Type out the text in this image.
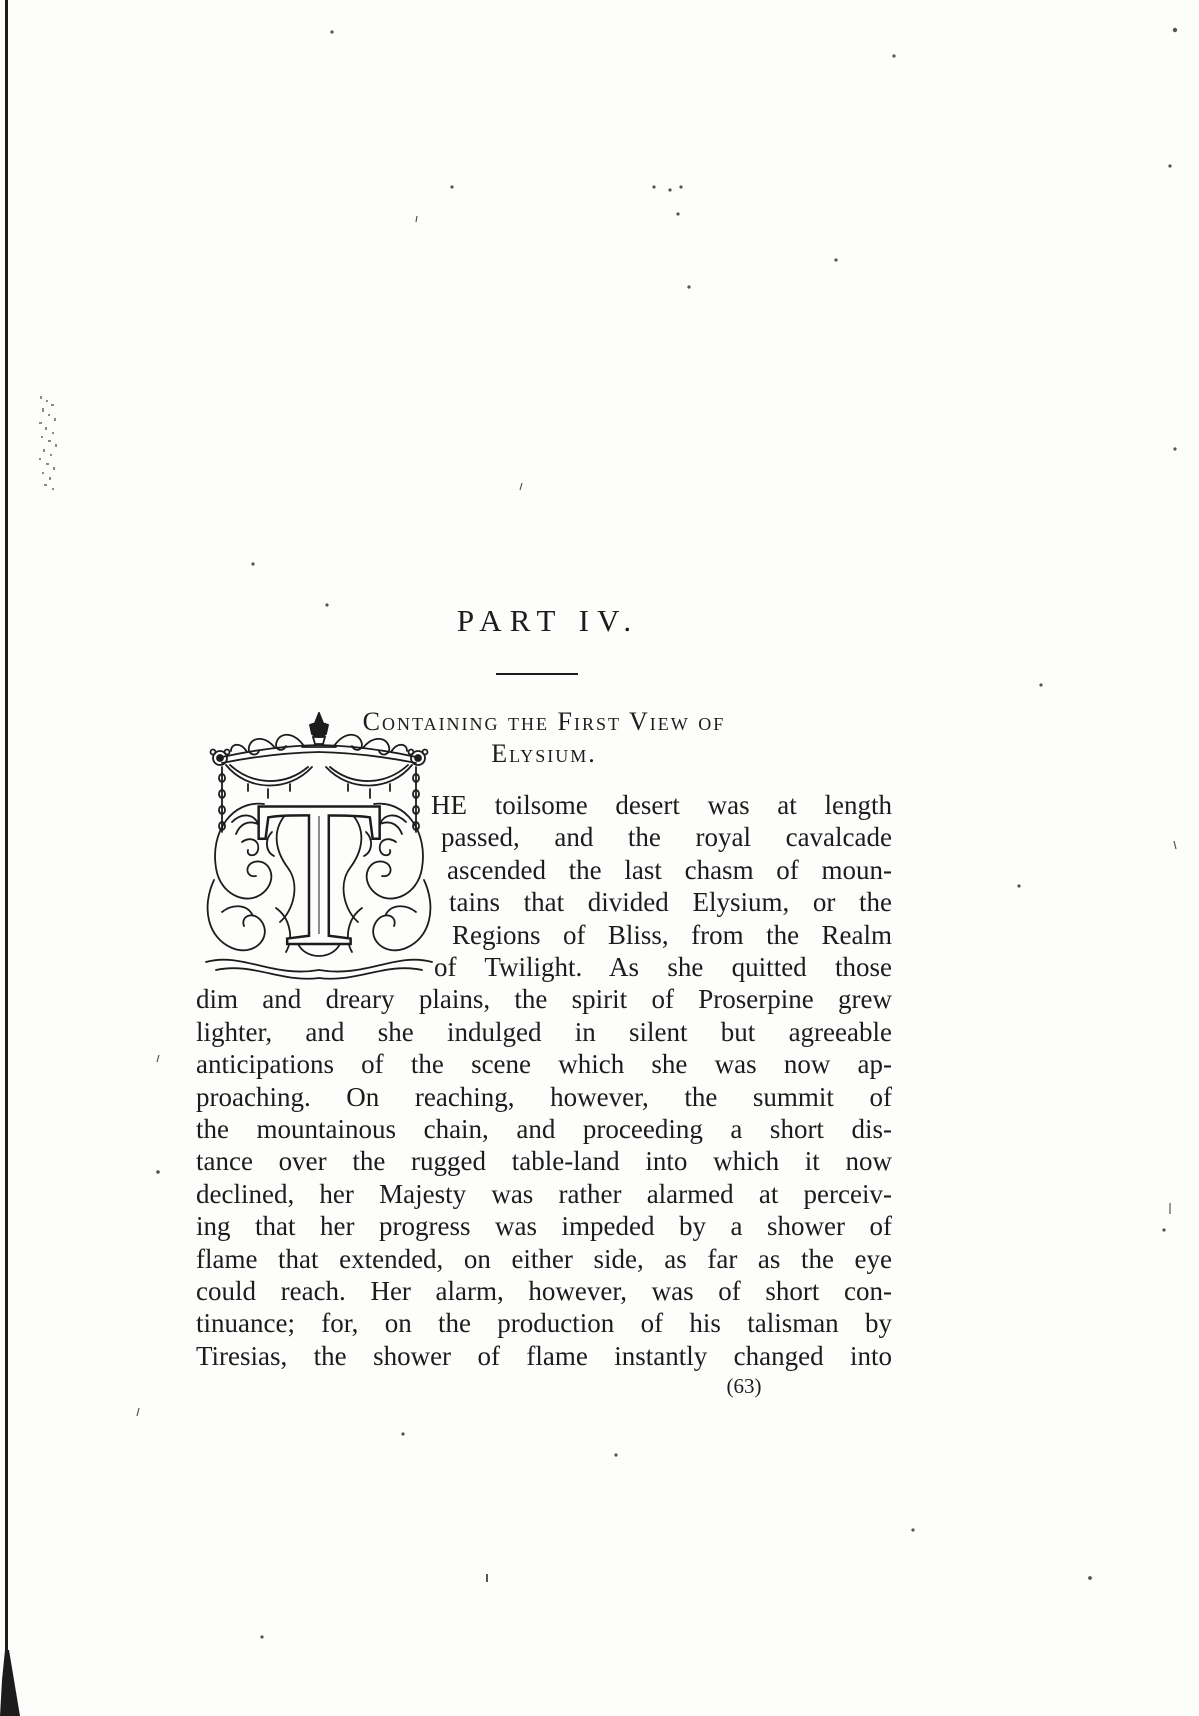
PART IV.
Containing the First View of
Elysium.
T HE toilsome desert was at length
passed, and the royal cavalcade
ascended the last chasm of moun-
tains that divided Elysium, or the
Regions of Bliss, from the Realm
of Twilight. As she quitted those
dim and dreary plains, the spirit of Proserpine grew
lighter, and she indulged in silent but agreeable
anticipations of the scene which she was now ap-
proaching. On reaching, however, the summit of
the mountainous chain, and proceeding a short dis-
tance over the rugged table-land into which it now
declined, her Majesty was rather alarmed at perceiv-
ing that her progress was impeded by a shower of
flame that extended, on either side, as far as the eye
could reach. Her alarm, however, was of short con-
tinuance; for, on the production of his talisman by
Tiresias, the shower of flame instantly changed into
(63)
